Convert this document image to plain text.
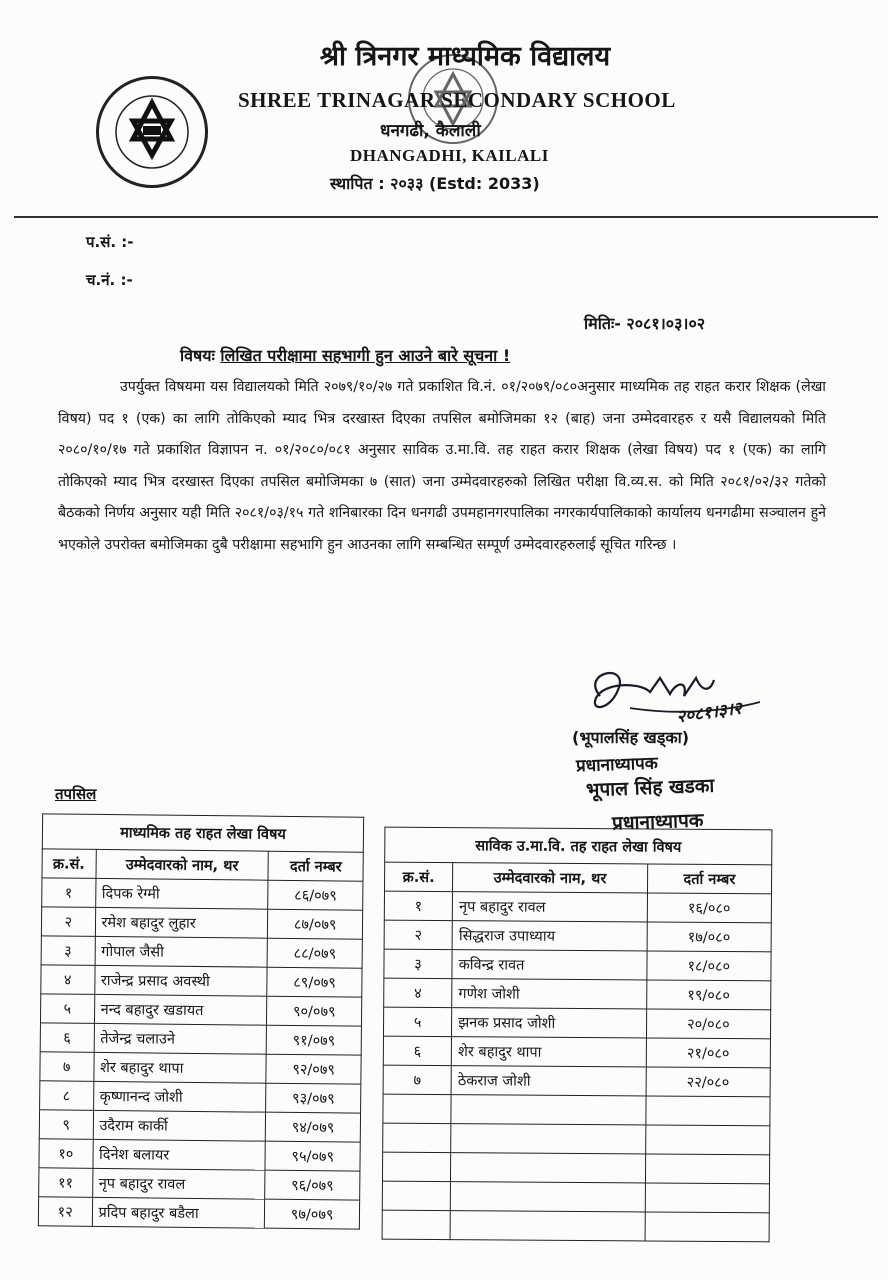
श्री त्रिनगर माध्यमिक विद्यालय
SHREE TRINAGAR SECONDARY SCHOOL
धनगढी, कैलाली
DHANGADHI, KAILALI
स्थापित : २०३३ (Estd: 2033)
प.सं. :-
च.नं. :-
मितिः- २०८१।०३।०२
विषयः लिखित परीक्षामा सहभागी हुन आउने बारे सूचना !
उपर्युक्त विषयमा यस विद्यालयको मिति २०७९/१०/२७ गते प्रकाशित वि.नं. ०१/२०७९/०८०अनुसार माध्यमिक तह राहत करार शिक्षक (लेखा विषय) पद १ (एक) का लागि तोकिएको म्याद भित्र दरखास्त दिएका तपसिल बमोजिमका १२ (बाह) जना उम्मेदवारहरु र यसै विद्यालयको मिति २०८०/१०/१७ गते प्रकाशित विज्ञापन न. ०१/२०८०/०८१ अनुसार साविक उ.मा.वि. तह राहत करार शिक्षक (लेखा विषय) पद १ (एक) का लागि तोकिएको म्याद भित्र दरखास्त दिएका तपसिल बमोजिमका ७ (सात) जना उम्मेदवारहरुको लिखित परीक्षा वि.व्य.स. को मिति २०८१/०२/३२ गतेको बैठकको निर्णय अनुसार यही मिति २०८१/०३/१५ गते शनिबारका दिन धनगढी उपमहानगरपालिका नगरकार्यपालिकाको कार्यालय धनगढीमा सञ्चालन हुने भएकोले उपरोक्त बमोजिमका दुबै परीक्षामा सहभागि हुन आउनका लागि सम्बन्धित सम्पूर्ण उम्मेदवारहरुलाई सूचित गरिन्छ ।
२०८१।३।२
(भूपालसिंह खड्का)
प्रधानाध्यापक
भूपाल सिंह खडका
प्रधानाध्यापक
तपसिल
माध्यमिक तह राहत लेखा विषय		
क्र.सं.	उम्मेदवारको नाम, थर	दर्ता नम्बर
१	दिपक रेग्मी	८६/०७९
२	रमेश बहादुर लुहार	८७/०७९
३	गोपाल जैसी	८८/०७९
४	राजेन्द्र प्रसाद अवस्थी	८९/०७९
५	नन्द बहादुर खडायत	९०/०७९
६	तेजेन्द्र चलाउने	९१/०७९
७	शेर बहादुर थापा	९२/०७९
८	कृष्णानन्द जोशी	९३/०७९
९	उदैराम कार्की	९४/०७९
१०	दिनेश बलायर	९५/०७९
११	नृप बहादुर रावल	९६/०७९
१२	प्रदिप बहादुर बडैला	९७/०७९
साविक उ.मा.वि. तह राहत लेखा विषय		
क्र.सं.	उम्मेदवारको नाम, थर	दर्ता नम्बर
१	नृप बहादुर रावल	१६/०८०
२	सिद्धराज उपाध्याय	१७/०८०
३	कविन्द्र रावत	१८/०८०
४	गणेश जोशी	१९/०८०
५	झनक प्रसाद जोशी	२०/०८०
६	शेर बहादुर थापा	२१/०८०
७	ठेकराज जोशी	२२/०८०
